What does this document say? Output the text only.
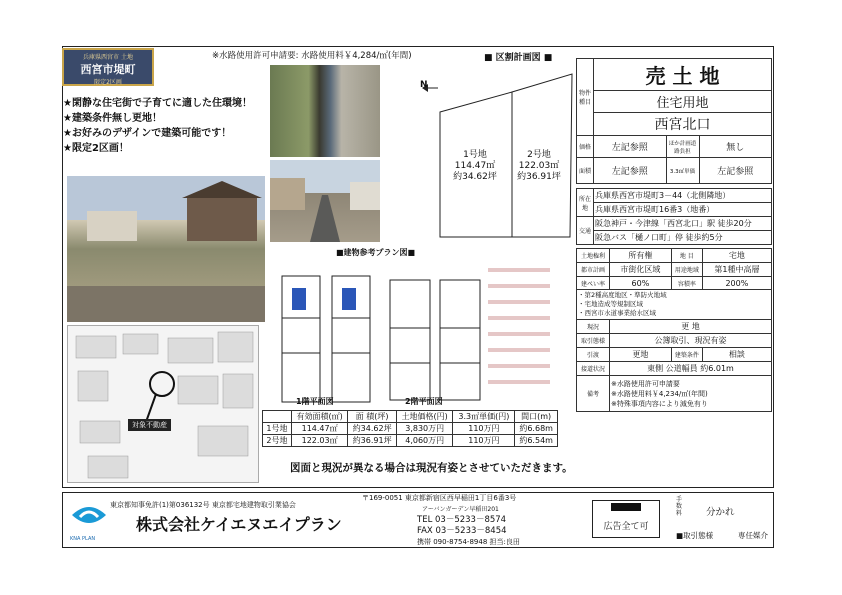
兵庫県西宮市 土地
西宮市堤町
限定2区画
※水路使用許可申請要: 水路使用料￥4,284/㎡(年間)
★閑静な住宅街で子育てに適した住環境！
★建築条件無し更地！
★お好みのデザインで建築可能です！
★限定2区画！
■ 区割計画図 ■
N
1号地
114.47㎡
約34.62坪
2号地
122.03㎡
約36.91坪
■建物参考プラン図■
1階平面図	2階平面図
対象不動産
	有効面積(㎡)	面 積(坪)	土地価格(円)	3.3㎡単価(円)	間口(m)
1号地	114.47㎡	約34.62坪	3,830万円	110万円	約6.68m
2号地	122.03㎡	約36.91坪	4,060万円	110万円	約6.54m
図面と現況が異なる場合は現況有姿とさせていただきます。
物件種目	売 土 地		
	住宅用地		
	西宮北口		
価格	左記参照	ほか計画道路負担	無し
面積	左記参照	3.3㎡単価	左記参照
所在地	兵庫県西宮市堤町3－44（北側隣地）
	兵庫県西宮市堤町16番3（地番）
交通	阪急神戸・今津線「西宮北口」駅 徒歩20分
	阪急バス「樋ノ口町」停 徒歩約5分
土地権利	所有権	地 目	宅地
都市計画	市街化区域	用途地域	第1種中高層
建ぺい率	60%	容積率	200%

・第2種高度地区・準防火地域
・宅地造成等規制区域
・西宮市水道事業給水区域			

現況	更 地		
取引態様	公簿取引、現況有姿		
引渡	更地	建築条件	相談
接道状況	東側 公道幅員 約6.01m		
備考	※水路使用許可申請要
※水路使用料￥4,234/㎡(年間)
※特殊事項内容により減免有り		
KNA PLAN
東京都知事免許(1)第036132号 東京都宅地建物取引業協会
株式会社ケイエヌエイプラン
〒169-0051 東京都新宿区西早稲田1丁目6番3号
アーバンガーデン早稲田201
TEL 03－5233－8574
FAX 03－5233－8454
携帯 090-8754-8948 担当:良田
広告全て可
手数料	分かれ
■取引態様	専任媒介
